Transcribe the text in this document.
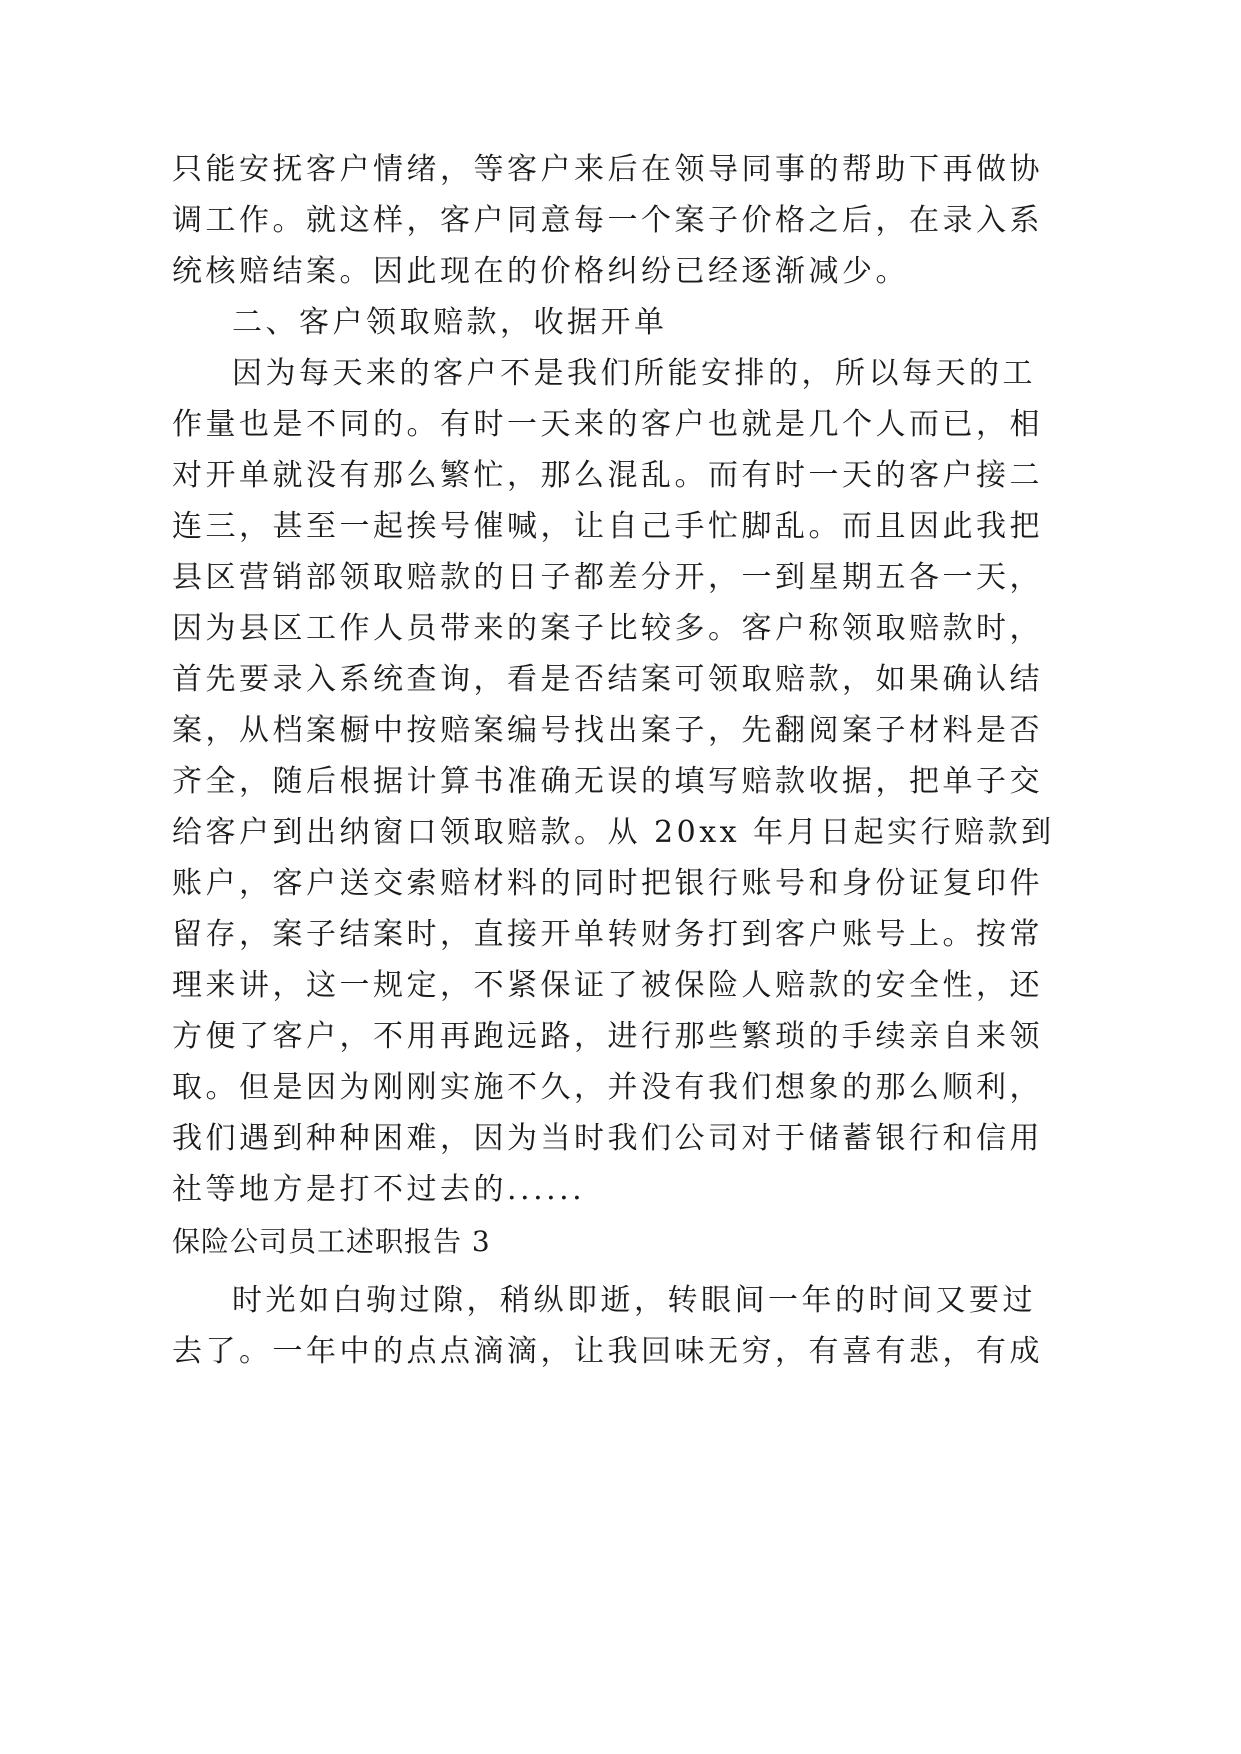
只能安抚客户情绪，等客户来后在领导同事的帮助下再做协
调工作。就这样，客户同意每一个案子价格之后，在录入系
统核赔结案。因此现在的价格纠纷已经逐渐减少。
二、客户领取赔款，收据开单
因为每天来的客户不是我们所能安排的，所以每天的工
作量也是不同的。有时一天来的客户也就是几个人而已，相
对开单就没有那么繁忙，那么混乱。而有时一天的客户接二
连三，甚至一起挨号催喊，让自己手忙脚乱。而且因此我把
县区营销部领取赔款的日子都差分开，一到星期五各一天，
因为县区工作人员带来的案子比较多。客户称领取赔款时，
首先要录入系统查询，看是否结案可领取赔款，如果确认结
案，从档案橱中按赔案编号找出案子，先翻阅案子材料是否
齐全，随后根据计算书准确无误的填写赔款收据，把单子交
给客户到出纳窗口领取赔款。从 20xx 年月日起实行赔款到
账户，客户送交索赔材料的同时把银行账号和身份证复印件
留存，案子结案时，直接开单转财务打到客户账号上。按常
理来讲，这一规定，不紧保证了被保险人赔款的安全性，还
方便了客户，不用再跑远路，进行那些繁琐的手续亲自来领
取。但是因为刚刚实施不久，并没有我们想象的那么顺利，
我们遇到种种困难，因为当时我们公司对于储蓄银行和信用
社等地方是打不过去的......
保险公司员工述职报告 3
时光如白驹过隙，稍纵即逝，转眼间一年的时间又要过
去了。一年中的点点滴滴，让我回味无穷，有喜有悲，有成
